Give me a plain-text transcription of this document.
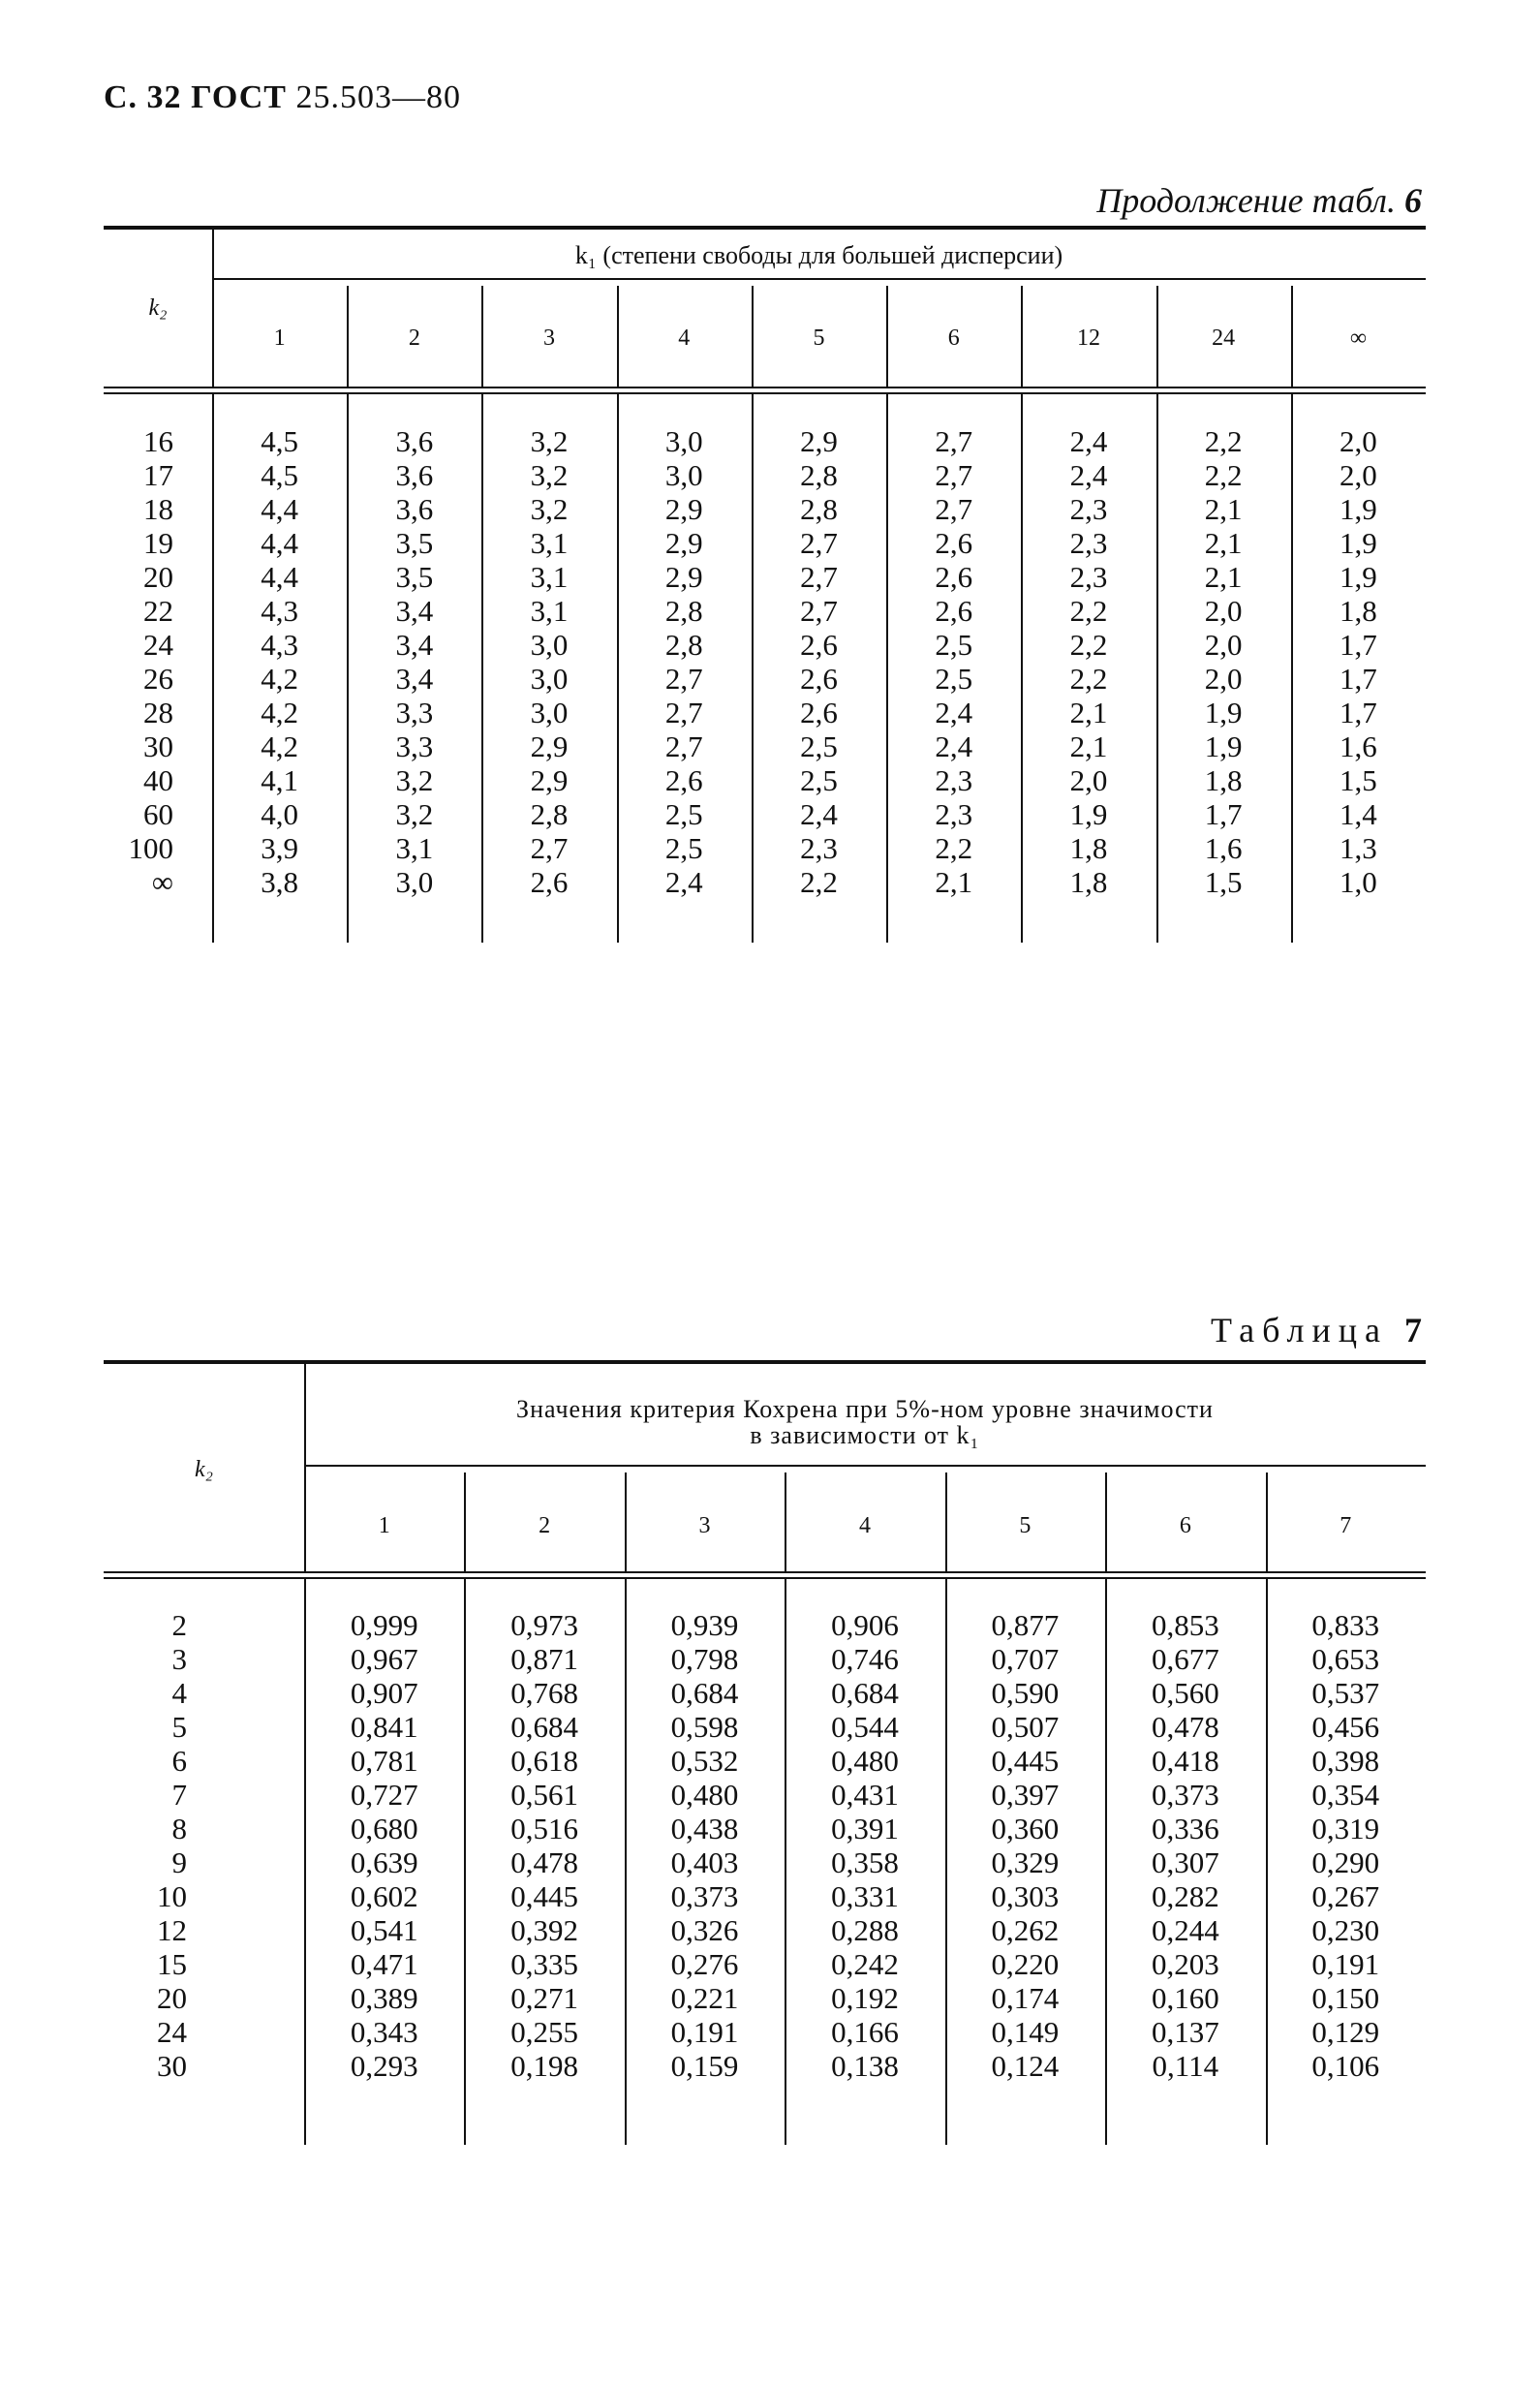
С. 32 ГОСТ 25.503—80
Продолжение табл. 6
k₂
k₁ (степени свободы для большей дисперсии)
1	2	3	4	5	6	12	24	∞
16	4,5	3,6	3,2	3,0	2,9	2,7	2,4	2,2	2,0
17	4,5	3,6	3,2	3,0	2,8	2,7	2,4	2,2	2,0
18	4,4	3,6	3,2	2,9	2,8	2,7	2,3	2,1	1,9
19	4,4	3,5	3,1	2,9	2,7	2,6	2,3	2,1	1,9
20	4,4	3,5	3,1	2,9	2,7	2,6	2,3	2,1	1,9
22	4,3	3,4	3,1	2,8	2,7	2,6	2,2	2,0	1,8
24	4,3	3,4	3,0	2,8	2,6	2,5	2,2	2,0	1,7
26	4,2	3,4	3,0	2,7	2,6	2,5	2,2	2,0	1,7
28	4,2	3,3	3,0	2,7	2,6	2,4	2,1	1,9	1,7
30	4,2	3,3	2,9	2,7	2,5	2,4	2,1	1,9	1,6
40	4,1	3,2	2,9	2,6	2,5	2,3	2,0	1,8	1,5
60	4,0	3,2	2,8	2,5	2,4	2,3	1,9	1,7	1,4
100	3,9	3,1	2,7	2,5	2,3	2,2	1,8	1,6	1,3
∞	3,8	3,0	2,6	2,4	2,2	2,1	1,8	1,5	1,0
Таблица 7
k₂
Значения критерия Кохрена при 5%-ном уровне значимости
в зависимости от k₁
1	2	3	4	5	6	7
2	0,999	0,973	0,939	0,906	0,877	0,853	0,833
3	0,967	0,871	0,798	0,746	0,707	0,677	0,653
4	0,907	0,768	0,684	0,684	0,590	0,560	0,537
5	0,841	0,684	0,598	0,544	0,507	0,478	0,456
6	0,781	0,618	0,532	0,480	0,445	0,418	0,398
7	0,727	0,561	0,480	0,431	0,397	0,373	0,354
8	0,680	0,516	0,438	0,391	0,360	0,336	0,319
9	0,639	0,478	0,403	0,358	0,329	0,307	0,290
10	0,602	0,445	0,373	0,331	0,303	0,282	0,267
12	0,541	0,392	0,326	0,288	0,262	0,244	0,230
15	0,471	0,335	0,276	0,242	0,220	0,203	0,191
20	0,389	0,271	0,221	0,192	0,174	0,160	0,150
24	0,343	0,255	0,191	0,166	0,149	0,137	0,129
30	0,293	0,198	0,159	0,138	0,124	0,114	0,106
